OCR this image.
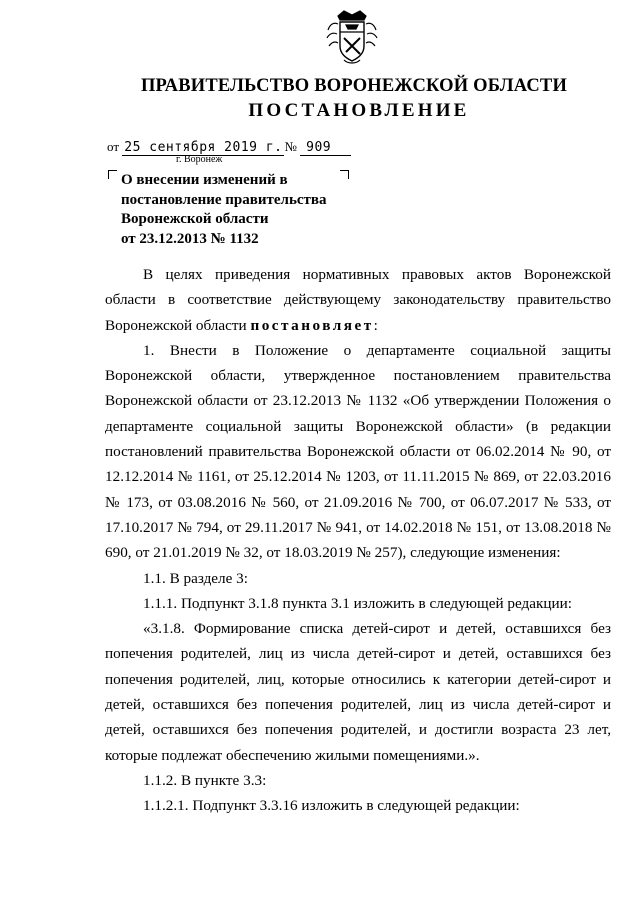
ПРАВИТЕЛЬСТВО ВОРОНЕЖСКОЙ ОБЛАСТИ
ПОСТАНОВЛЕНИЕ
от 25 сентября 2019 г. № 909
г. Воронеж
О внесении изменений в
постановление правительства
Воронежской области
от 23.12.2013 № 1132

В целях приведения нормативных правовых актов Воронежской области в соответствие действующему законодательству правительство Воронежской области постановляет:

1. Внести в Положение о департаменте социальной защиты Воронежской области, утвержденное постановлением правительства Воронежской области от 23.12.2013 № 1132 «Об утверждении Положения о департаменте социальной защиты Воронежской области» (в редакции постановлений правительства Воронежской области от 06.02.2014 № 90, от 12.12.2014 № 1161, от 25.12.2014 № 1203, от 11.11.2015 № 869, от 22.03.2016 № 173, от 03.08.2016 № 560, от 21.09.2016 № 700, от 06.07.2017 № 533, от 17.10.2017 № 794, от 29.11.2017 № 941, от 14.02.2018 № 151, от 13.08.2018 № 690, от 21.01.2019 № 32, от 18.03.2019 № 257), следующие изменения:

1.1. В разделе 3:

1.1.1. Подпункт 3.1.8 пункта 3.1 изложить в следующей редакции:

«3.1.8. Формирование списка детей-сирот и детей, оставшихся без попечения родителей, лиц из числа детей-сирот и детей, оставшихся без попечения родителей, лиц, которые относились к категории детей-сирот и детей, оставшихся без попечения родителей, лиц из числа детей-сирот и детей, оставшихся без попечения родителей, и достигли возраста 23 лет, которые подлежат обеспечению жилыми помещениями.».

1.1.2. В пункте 3.3:

1.1.2.1. Подпункт 3.3.16 изложить в следующей редакции:
